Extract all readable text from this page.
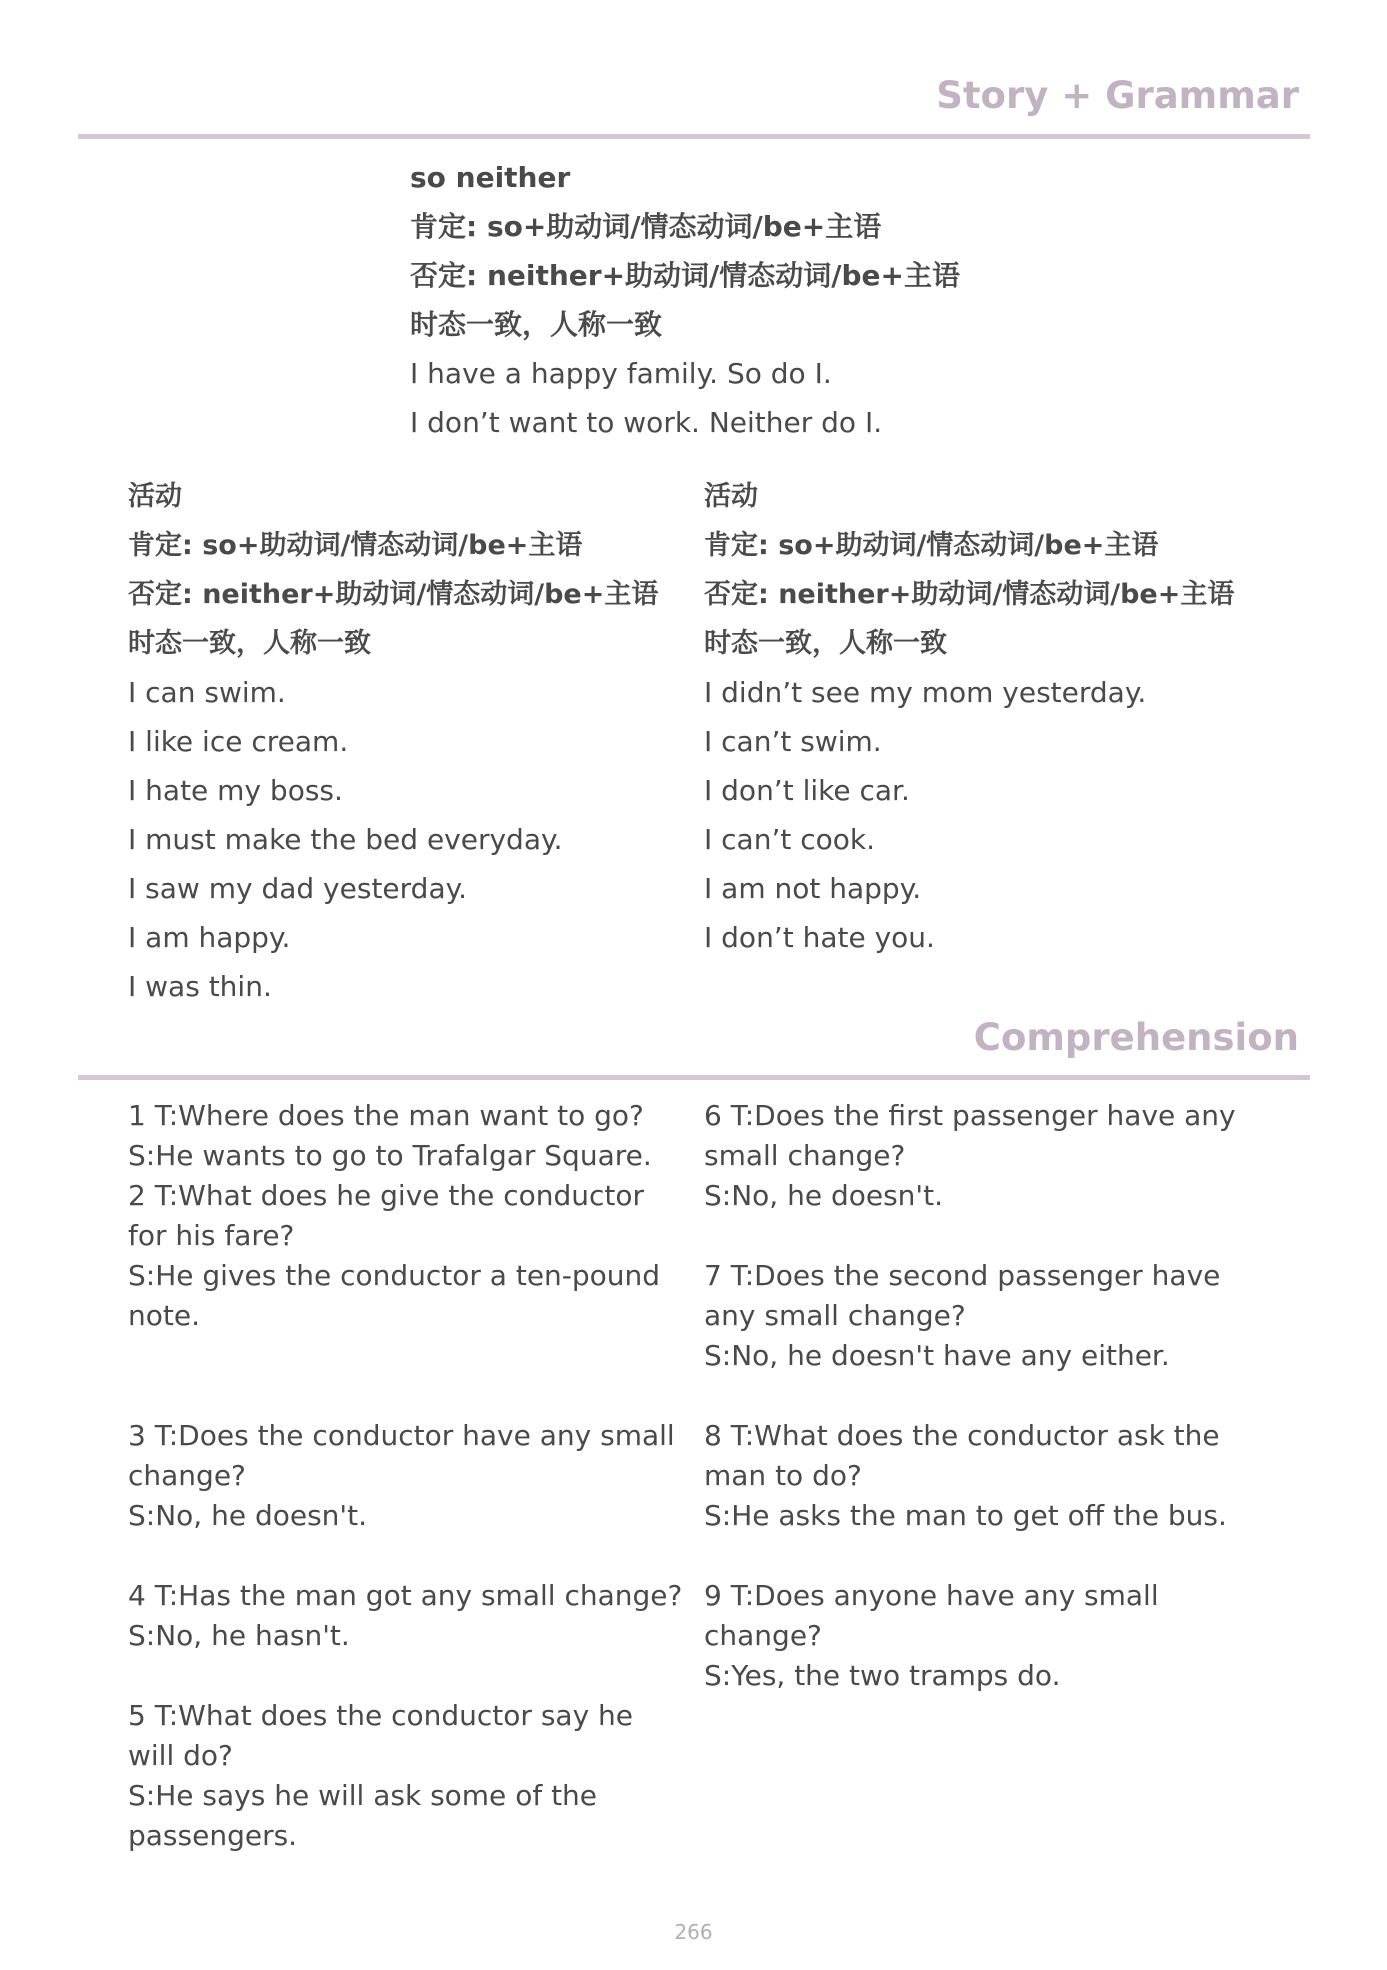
Story + Grammar
so neither
肯定: so+助动词/情态动词/be+主语
否定: neither+助动词/情态动词/be+主语
时态一致，人称一致
I have a happy family. So do I.
I don’t want to work. Neither do I.
活动
肯定: so+助动词/情态动词/be+主语
否定: neither+助动词/情态动词/be+主语
时态一致，人称一致
I can swim.
I like ice cream.
I hate my boss.
I must make the bed everyday.
I saw my dad yesterday.
I am happy.
I was thin.
活动
肯定: so+助动词/情态动词/be+主语
否定: neither+助动词/情态动词/be+主语
时态一致，人称一致
I didn’t see my mom yesterday.
I can’t swim.
I don’t like car.
I can’t cook.
I am not happy.
I don’t hate you.
Comprehension
1 T:Where does the man want to go?
S:He wants to go to Trafalgar Square.
2 T:What does he give the conductor for his fare?
S:He gives the conductor a ten-pound note.
3 T:Does the conductor have any small change?
S:No, he doesn't.
4 T:Has the man got any small change?
S:No, he hasn't.
5 T:What does the conductor say he will do?
S:He says he will ask some of the passengers.
6 T:Does the first passenger have any small change?
S:No, he doesn't.
7 T:Does the second passenger have any small change?
S:No, he doesn't have any either.
8 T:What does the conductor ask the man to do?
S:He asks the man to get off the bus.
9 T:Does anyone have any small change?
S:Yes, the two tramps do.
266
